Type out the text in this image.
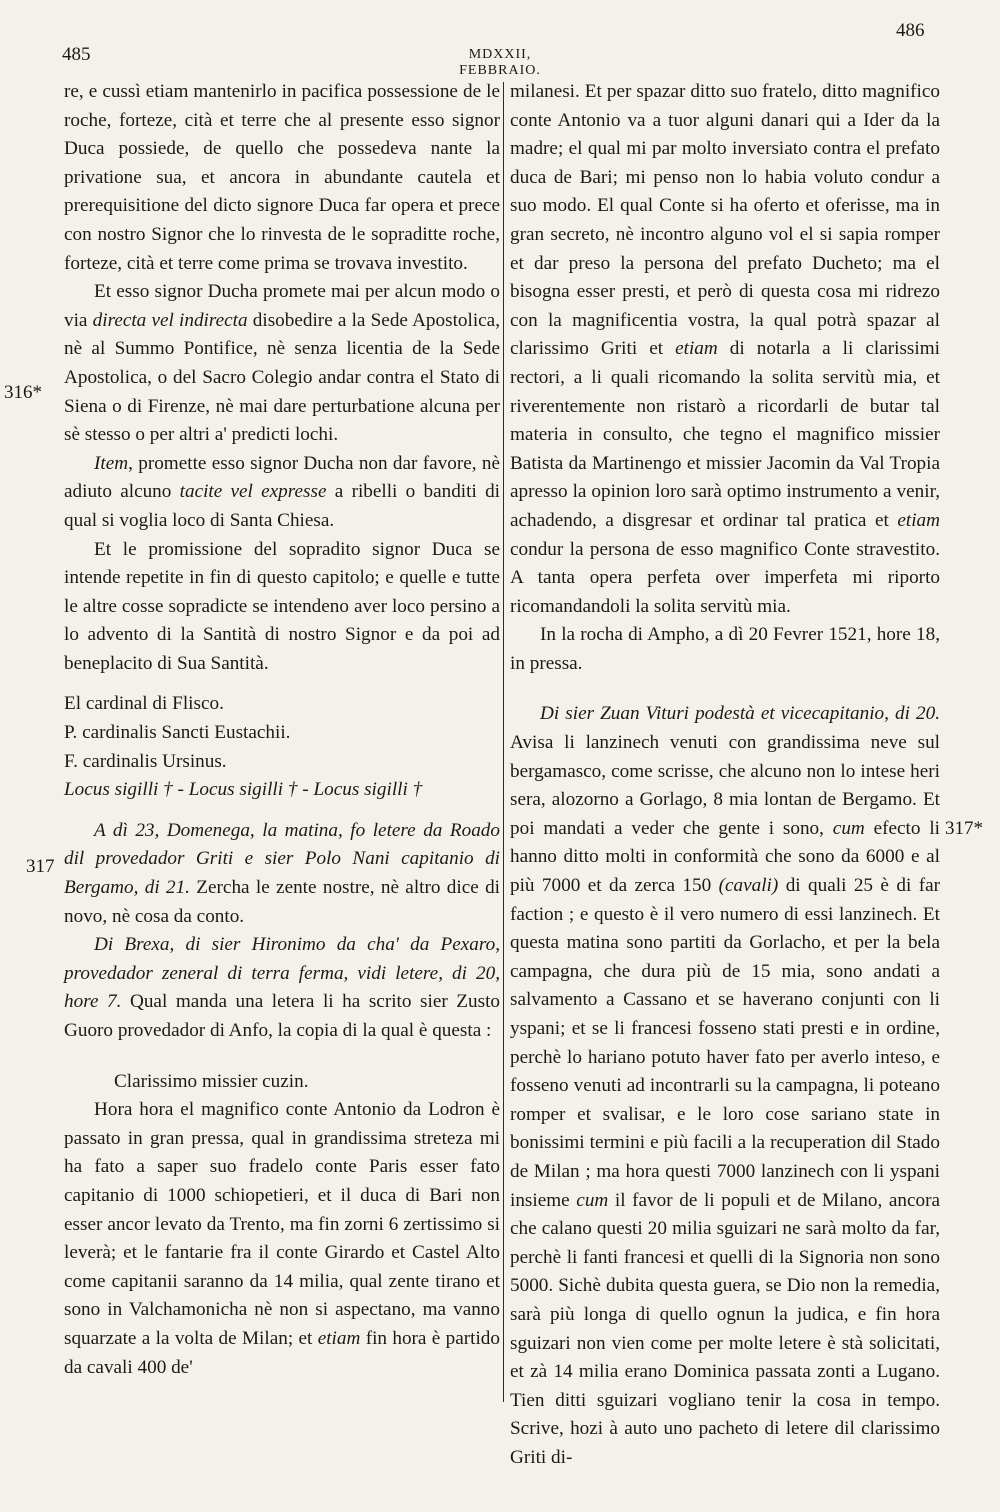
485	MDXXII, FEBBRAIO.
486
316*
317
317*

re, e cussì etiam mantenirlo in pacifica possessione de le roche, forteze, cità et terre che al presente esso signor Duca possiede, de quello che possedeva nante la privatione sua, et ancora in abundante cautela et prerequisitione del dicto signore Duca far opera et prece con nostro Signor che lo rinvesta de le sopraditte roche, forteze, cità et terre come prima se trovava investito.

Et esso signor Ducha promete mai per alcun modo o via directa vel indirecta disobedire a la Sede Apostolica, nè al Summo Pontifice, nè senza licentia de la Sede Apostolica, o del Sacro Colegio andar contra el Stato di Siena o di Firenze, nè mai dare perturbatione alcuna per sè stesso o per altri a' predicti lochi.

Item, promette esso signor Ducha non dar favore, nè adiuto alcuno tacite vel expresse a ribelli o banditi di qual si voglia loco di Santa Chiesa.

Et le promissione del sopradito signor Duca se intende repetite in fin di questo capitolo; e quelle e tutte le altre cosse sopradicte se intendeno aver loco persino a lo advento di la Santità di nostro Signor e da poi ad beneplacito di Sua Santità.

El cardinal di Flisco.

P. cardinalis Sancti Eustachii.

F. cardinalis Ursinus.

Locus sigilli † - Locus sigilli † - Locus sigilli †

A dì 23, Domenega, la matina, fo letere da Roado dil provedador Griti e sier Polo Nani capitanio di Bergamo, di 21. Zercha le zente nostre, nè altro dice di novo, nè cosa da conto.

Di Brexa, di sier Hironimo da cha' da Pexaro, provedador zeneral di terra ferma, vidi letere, di 20, hore 7. Qual manda una letera li ha scrito sier Zusto Guoro provedador di Anfo, la copia di la qual è questa :

Clarissimo missier cuzin.

Hora hora el magnifico conte Antonio da Lodron è passato in gran pressa, qual in grandissima streteza mi ha fato a saper suo fradelo conte Paris esser fato capitanio di 1000 schiopetieri, et il duca di Bari non esser ancor levato da Trento, ma fin zorni 6 zertissimo si leverà; et le fantarie fra il conte Girardo et Castel Alto come capitanii saranno da 14 milia, qual zente tirano et sono in Valchamonicha nè non si aspectano, ma vanno squarzate a la volta de Milan; et etiam fin hora è partido da cavali 400 de'

milanesi. Et per spazar ditto suo fratelo, ditto magnifico conte Antonio va a tuor alguni danari qui a Ider da la madre; el qual mi par molto inversiato contra el prefato duca de Bari; mi penso non lo habia voluto condur a suo modo. El qual Conte si ha oferto et oferisse, ma in gran secreto, nè incontro alguno vol el si sapia romper et dar preso la persona del prefato Ducheto; ma el bisogna esser presti, et però di questa cosa mi ridrezo con la magnificentia vostra, la qual potrà spazar al clarissimo Griti et etiam di notarla a li clarissimi rectori, a li quali ricomando la solita servitù mia, et riverentemente non ristarò a ricordarli de butar tal materia in consulto, che tegno el magnifico missier Batista da Martinengo et missier Jacomin da Val Tropia apresso la opinion loro sarà optimo instrumento a venir, achadendo, a disgresar et ordinar tal pratica et etiam condur la persona de esso magnifico Conte stravestito. A tanta opera perfeta over imperfeta mi riporto ricomandandoli la solita servitù mia.

In la rocha di Ampho, a dì 20 Fevrer 1521, hore 18, in pressa.

Di sier Zuan Vituri podestà et vicecapitanio, di 20. Avisa li lanzinech venuti con grandissima neve sul bergamasco, come scrisse, che alcuno non lo intese heri sera, alozorno a Gorlago, 8 mia lontan de Bergamo. Et poi mandati a veder che gente i sono, cum efecto li hanno ditto molti in conformità che sono da 6000 e al più 7000 et da zerca 150 (cavali) di quali 25 è di far faction ; e questo è il vero numero di essi lanzinech. Et questa matina sono partiti da Gorlacho, et per la bela campagna, che dura più de 15 mia, sono andati a salvamento a Cassano et se haverano conjunti con li yspani; et se li francesi fosseno stati presti e in ordine, perchè lo hariano potuto haver fato per averlo inteso, e fosseno venuti ad incontrarli su la campagna, li poteano romper et svalisar, e le loro cose sariano state in bonissimi termini e più facili a la recuperation dil Stado de Milan ; ma hora questi 7000 lanzinech con li yspani insieme cum il favor de li populi et de Milano, ancora che calano questi 20 milia sguizari ne sarà molto da far, perchè li fanti francesi et quelli di la Signoria non sono 5000. Sichè dubita questa guera, se Dio non la remedia, sarà più longa di quello ognun la judica, e fin hora sguizari non vien come per molte letere è stà solicitati, et zà 14 milia erano Dominica passata zonti a Lugano. Tien ditti sguizari vogliano tenir la cosa in tempo. Scrive, hozi à auto uno pacheto di letere dil clarissimo Griti di-
